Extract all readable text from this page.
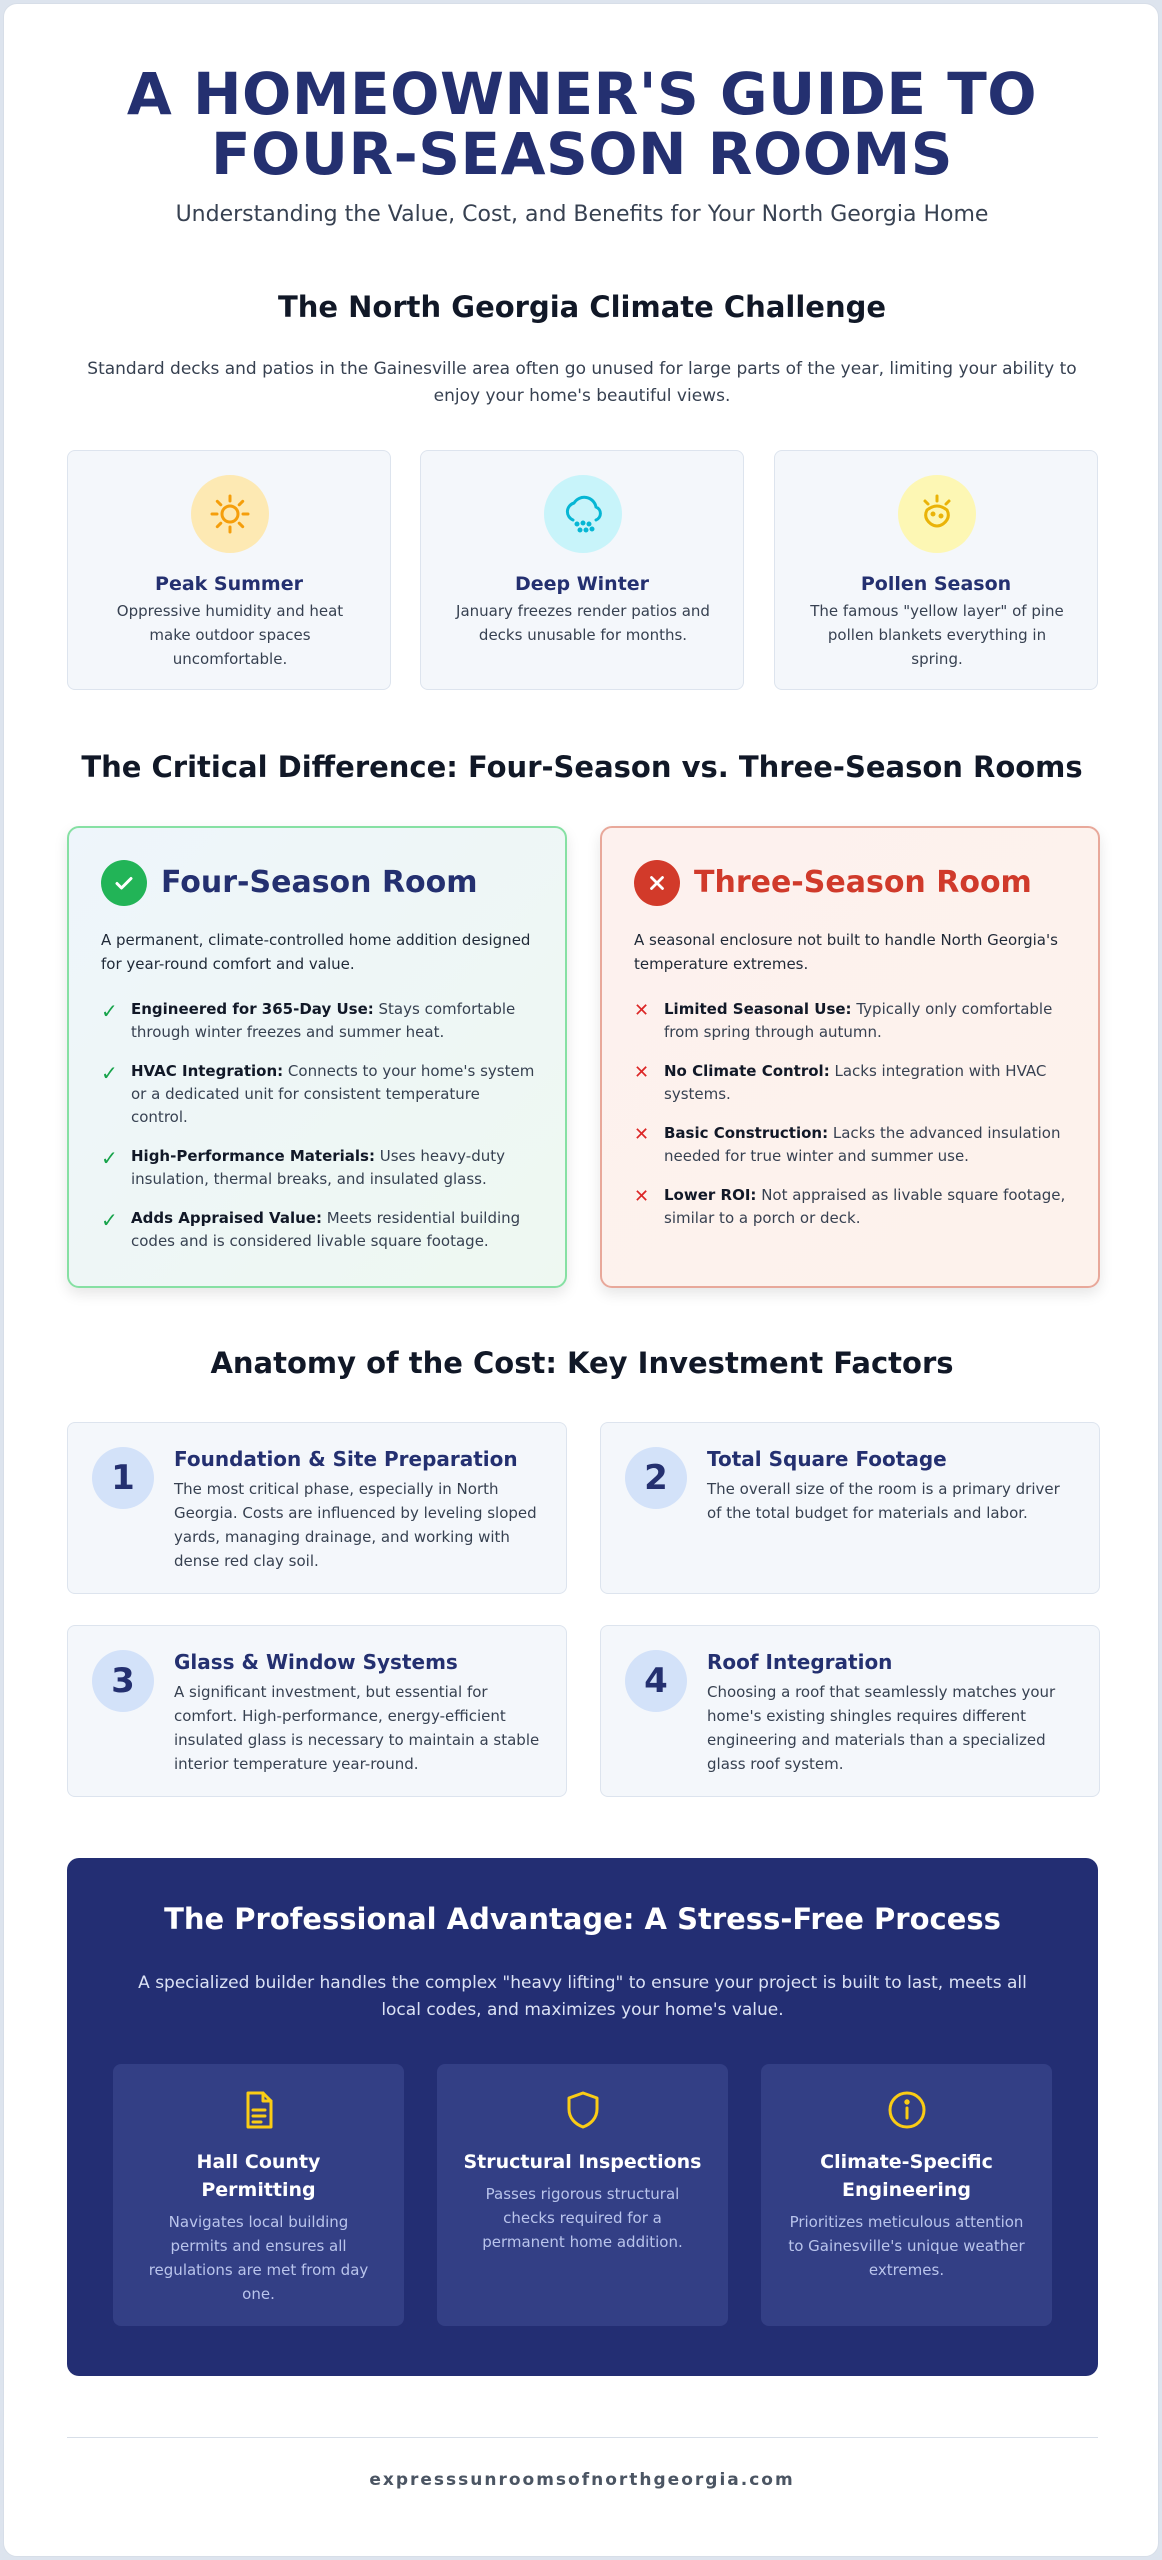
A HOMEOWNER'S GUIDE TO
FOUR-SEASON ROOMS
Understanding the Value, Cost, and Benefits for Your North Georgia Home
The North Georgia Climate Challenge
Standard decks and patios in the Gainesville area often go unused for large parts of the year, limiting your ability to enjoy your home's beautiful views.
Peak Summer
Oppressive humidity and heat make outdoor spaces uncomfortable.
Deep Winter
January freezes render patios and decks unusable for months.
Pollen Season
The famous "yellow layer" of pine pollen blankets everything in spring.
The Critical Difference: Four-Season vs. Three-Season Rooms
Four-Season Room
A permanent, climate-controlled home addition designed for year-round comfort and value.
✓ Engineered for 365-Day Use: Stays comfortable through winter freezes and summer heat.
✓ HVAC Integration: Connects to your home's system or a dedicated unit for consistent temperature control.
✓ High-Performance Materials: Uses heavy-duty insulation, thermal breaks, and insulated glass.
✓ Adds Appraised Value: Meets residential building codes and is considered livable square footage.
Three-Season Room
A seasonal enclosure not built to handle North Georgia's temperature extremes.
✕ Limited Seasonal Use: Typically only comfortable from spring through autumn.
✕ No Climate Control: Lacks integration with HVAC systems.
✕ Basic Construction: Lacks the advanced insulation needed for true winter and summer use.
✕ Lower ROI: Not appraised as livable square footage, similar to a porch or deck.
Anatomy of the Cost: Key Investment Factors
1	Foundation & Site Preparation
The most critical phase, especially in North Georgia. Costs are influenced by leveling sloped yards, managing drainage, and working with dense red clay soil.
2	Total Square Footage
The overall size of the room is a primary driver of the total budget for materials and labor.
3	Glass & Window Systems
A significant investment, but essential for comfort. High-performance, energy-efficient insulated glass is necessary to maintain a stable interior temperature year-round.
4	Roof Integration
Choosing a roof that seamlessly matches your home's existing shingles requires different engineering and materials than a specialized glass roof system.
The Professional Advantage: A Stress-Free Process
A specialized builder handles the complex "heavy lifting" to ensure your project is built to last, meets all local codes, and maximizes your home's value.
Hall County
Permitting
Navigates local building permits and ensures all regulations are met from day one.
Structural Inspections
Passes rigorous structural checks required for a permanent home addition.
Climate-Specific
Engineering
Prioritizes meticulous attention to Gainesville's unique weather extremes.
expresssunroomsofnorthgeorgia.com
